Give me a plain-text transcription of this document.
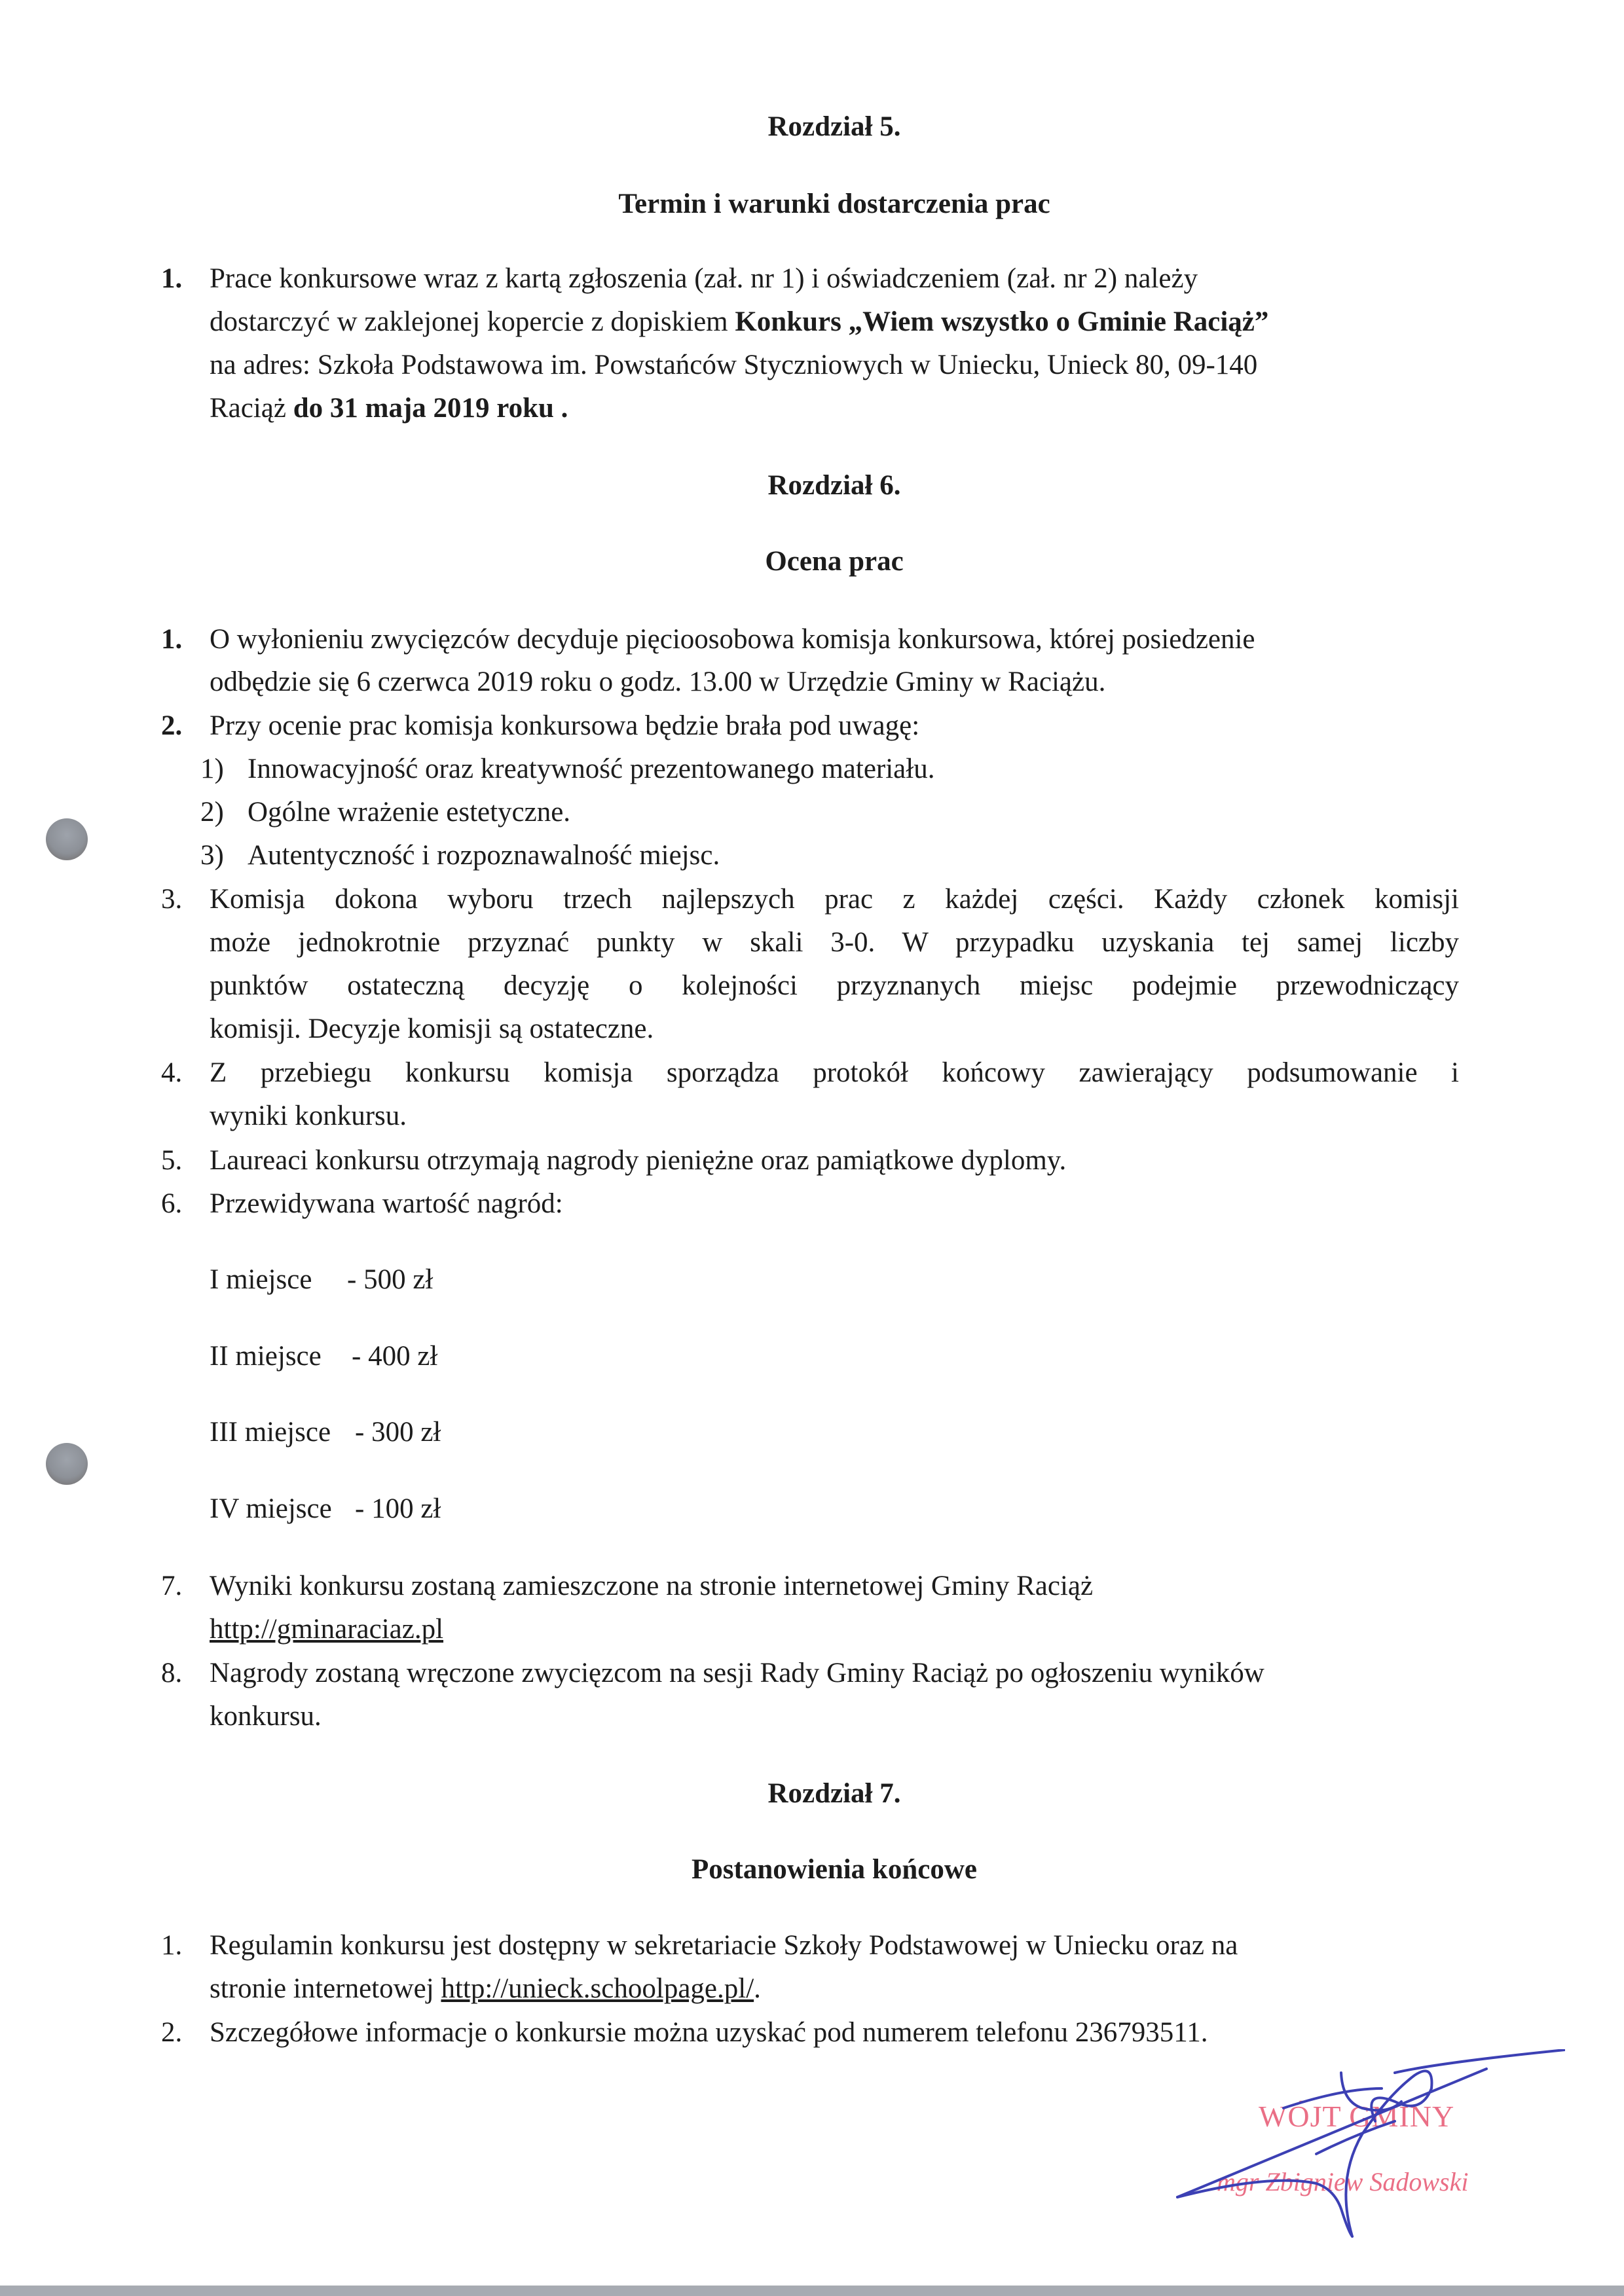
Rozdział 5.
Termin i warunki dostarczenia prac
1. Prace konkursowe wraz z kartą zgłoszenia (zał. nr 1) i oświadczeniem (zał. nr 2) należy
dostarczyć w zaklejonej kopercie z dopiskiem Konkurs „Wiem wszystko o Gminie Raciąż”
na adres: Szkoła Podstawowa im. Powstańców Styczniowych w Uniecku, Unieck 80, 09-140
Raciąż do 31 maja 2019 roku .
Rozdział 6.
Ocena prac
1. O wyłonieniu zwycięzców decyduje pięcioosobowa komisja konkursowa, której posiedzenie
odbędzie się 6 czerwca 2019 roku o godz. 13.00 w Urzędzie Gminy w Raciążu.
2. Przy ocenie prac komisja konkursowa będzie brała pod uwagę:
1) Innowacyjność oraz kreatywność prezentowanego materiału.
2) Ogólne wrażenie estetyczne.
3) Autentyczność i rozpoznawalność miejsc.
3. Komisja dokona wyboru trzech najlepszych prac z każdej części. Każdy członek komisji
może jednokrotnie przyznać punkty w skali 3-0. W przypadku uzyskania tej samej liczby
punktów ostateczną decyzję o kolejności przyznanych miejsc podejmie przewodniczący
komisji. Decyzje komisji są ostateczne.
4. Z przebiegu konkursu komisja sporządza protokół końcowy zawierający podsumowanie i
wyniki konkursu.
5. Laureaci konkursu otrzymają nagrody pieniężne oraz pamiątkowe dyplomy.
6. Przewidywana wartość nagród:
I miejsce - 500 zł
II miejsce - 400 zł
III miejsce - 300 zł
IV miejsce - 100 zł
7. Wyniki konkursu zostaną zamieszczone na stronie internetowej Gminy Raciąż
http://gminaraciaz.pl
8. Nagrody zostaną wręczone zwycięzcom na sesji Rady Gminy Raciąż po ogłoszeniu wyników
konkursu.
Rozdział 7.
Postanowienia końcowe
1. Regulamin konkursu jest dostępny w sekretariacie Szkoły Podstawowej w Uniecku oraz na
stronie internetowej http://unieck.schoolpage.pl/.
2. Szczegółowe informacje o konkursie można uzyskać pod numerem telefonu 236793511.
WÓJT GMINY
mgr Zbigniew Sadowski
